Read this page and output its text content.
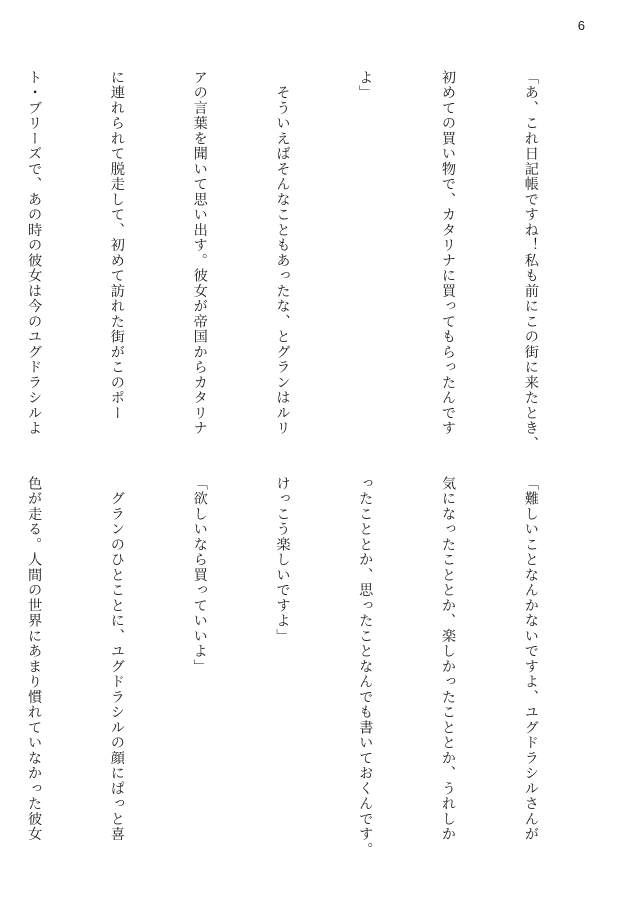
6

「あ、これ日記帳ですね！私も前にこの街に来たとき、

初めての買い物で、カタリナに買ってもらったんです

よ」

　そういえばそんなこともあったな、とグランはルリ

アの言葉を聞いて思い出す。彼女が帝国からカタリナ

に連れられて脱走して、初めて訪れた街がこのポー

ト・ブリーズで、あの時の彼女は今のユグドラシルよ

「難しいことなんかないですよ、ユグドラシルさんが

気になったこととか、楽しかったこととか、うれしか

ったこととか、思ったことなんでも書いておくんです。

けっこう楽しいですよ」

「欲しいなら買っていいよ」

　グランのひとことに、ユグドラシルの顔にぱっと喜

色が走る。人間の世界にあまり慣れていなかった彼女
